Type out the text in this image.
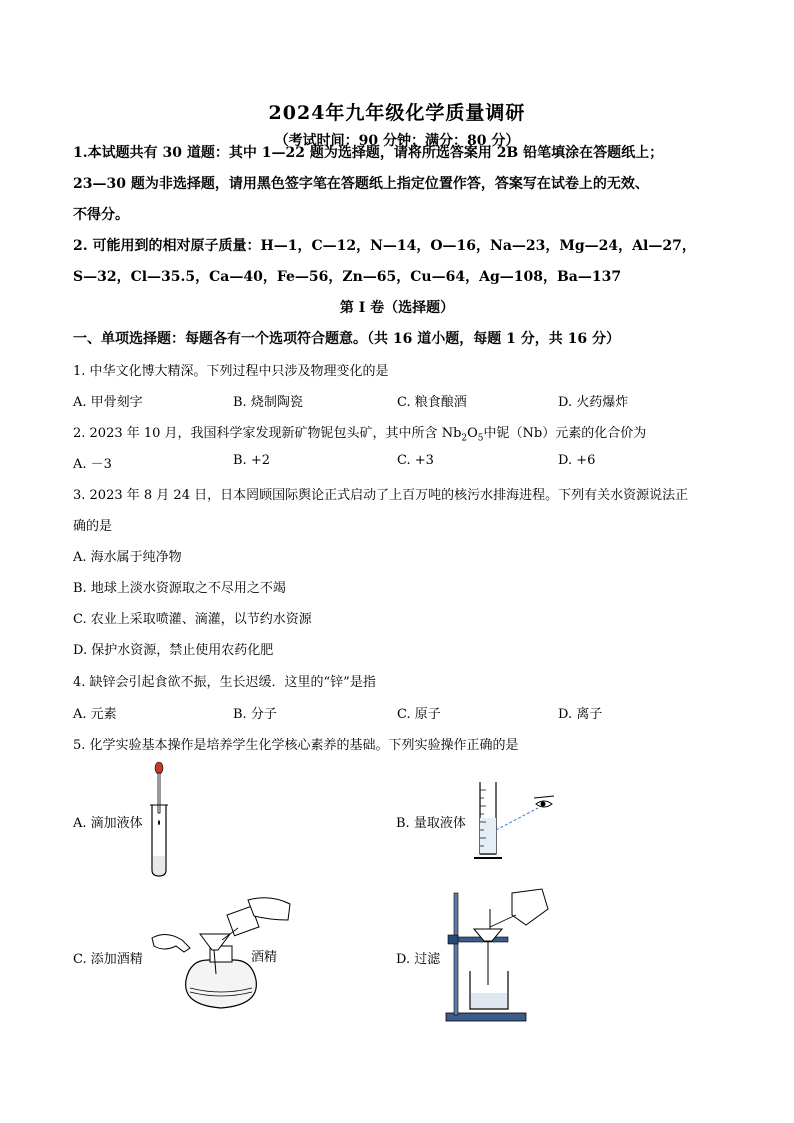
2024年九年级化学质量调研
（考试时间：90 分钟；满分：80 分）
1.本试题共有 30 道题：其中 1—22 题为选择题，请将所选答案用 2B 铅笔填涂在答题纸上；
23—30 题为非选择题，请用黑色签字笔在答题纸上指定位置作答，答案写在试卷上的无效、
不得分。
2. 可能用到的相对原子质量：H—1，C—12，N—14，O—16，Na—23，Mg—24，Al—27，
S—32，Cl—35.5，Ca—40，Fe—56，Zn—65，Cu—64，Ag—108，Ba—137
第 Ⅰ 卷（选择题）
一、单项选择题：每题各有一个选项符合题意。（共 16 道小题，每题 1 分，共 16 分）
1. 中华文化博大精深。下列过程中只涉及物理变化的是
A. 甲骨刻字	B. 烧制陶瓷	C. 粮食酿酒	D. 火药爆炸
2. 2023 年 10 月，我国科学家发现新矿物铌包头矿，其中所含 $Nb_2O_5$中铌（Nb）元素的化合价为
A. －3	B. +2	C. +3	D. +6
3. 2023 年 8 月 24 日，日本罔顾国际舆论正式启动了上百万吨的核污水排海进程。下列有关水资源说法正
确的是
A. 海水属于纯净物
B. 地球上淡水资源取之不尽用之不竭
C. 农业上采取喷灌、滴灌，以节约水资源
D. 保护水资源，禁止使用农药化肥
4. 缺锌会引起食欲不振，生长迟缓．这里的“锌”是指
A. 元素	B. 分子	C. 原子	D. 离子
5. 化学实验基本操作是培养学生化学核心素养的基础。下列实验操作正确的是
A. 滴加液体	B. 量取液体
C. 添加酒精	酒精	D. 过滤
